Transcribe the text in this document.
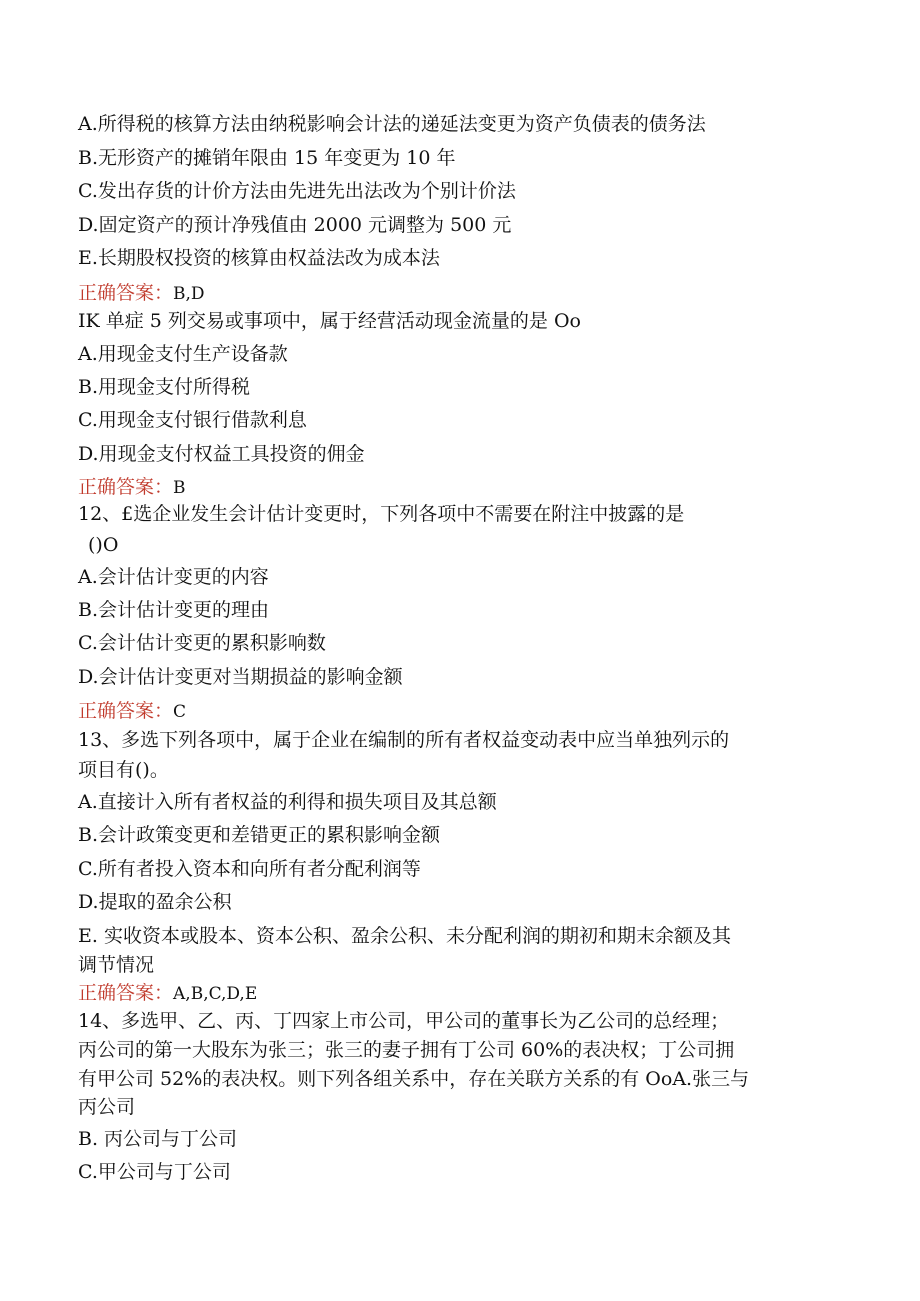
A.所得税的核算方法由纳税影响会计法的递延法变更为资产负债表的债务法
B.无形资产的摊销年限由 15 年变更为 10 年
C.发出存货的计价方法由先进先出法改为个别计价法
D.固定资产的预计净残值由 2000 元调整为 500 元
E.长期股权投资的核算由权益法改为成本法
正确答案：B,D
IK 单症 5 列交易或事项中，属于经营活动现金流量的是 Oo
A.用现金支付生产设备款
B.用现金支付所得税
C.用现金支付银行借款利息
D.用现金支付权益工具投资的佣金
正确答案：B
12、£选企业发生会计估计变更时，下列各项中不需要在附注中披露的是
()O
A.会计估计变更的内容
B.会计估计变更的理由
C.会计估计变更的累积影响数
D.会计估计变更对当期损益的影响金额
正确答案：C
13、多选下列各项中，属于企业在编制的所有者权益变动表中应当单独列示的
项目有()。
A.直接计入所有者权益的利得和损失项目及其总额
B.会计政策变更和差错更正的累积影响金额
C.所有者投入资本和向所有者分配利润等
D.提取的盈余公积
E. 实收资本或股本、资本公积、盈余公积、未分配利润的期初和期末余额及其
调节情况
正确答案：A,B,C,D,E
14、多选甲、乙、丙、丁四家上市公司，甲公司的董事长为乙公司的总经理；
丙公司的第一大股东为张三；张三的妻子拥有丁公司 60%的表决权；丁公司拥
有甲公司 52%的表决权。则下列各组关系中，存在关联方关系的有 OoA.张三与
丙公司
B. 丙公司与丁公司
C.甲公司与丁公司
